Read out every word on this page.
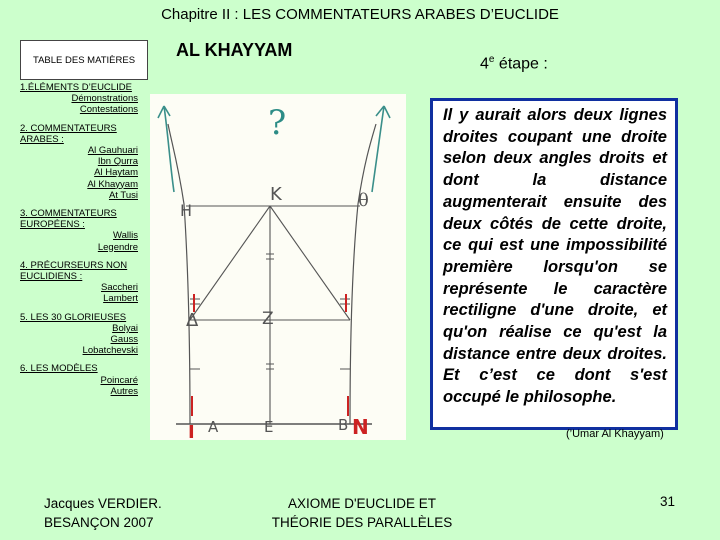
Chapitre II : LES COMMENTATEURS ARABES D’EUCLIDE
TABLE DES MATIÈRES AL KHAYYAM
4e étape :
1.ÉLÉMENTS D’EUCLIDE
Démonstrations
Contestations
2. COMMENTATEURS ARABES :
Al Gauhuari
Ibn Qurra
Al Haytam
Al Khayyam
At Tusi
3. COMMENTATEURS EUROPÉENS :
Wallis
Legendre
4. PRÉCURSEURS NON EUCLIDIENS :
Saccheri
Lambert
5. LES 30 GLORIEUSES
Bolyai
Gauss
Lobatchevski
6. LES MODÈLES
Poincaré
Autres
?
K
H	θ
Δ	Z
I A	E	B N
Il y aurait alors deux lignes droites coupant une droite selon deux angles droits et dont la distance augmenterait ensuite des deux côtés de cette droite, ce qui est une impossibilité première lorsqu'on se représente le caractère rectiligne d'une droite, et qu'on réalise ce qu'est la distance entre deux droites. Et c’est ce dont s'est occupé le philosophe.
(’Umar Al Khayyam)
Jacques VERDIER.
BESANÇON 2007
AXIOME D'EUCLIDE ET
THÉORIE DES PARALLÈLES
31
